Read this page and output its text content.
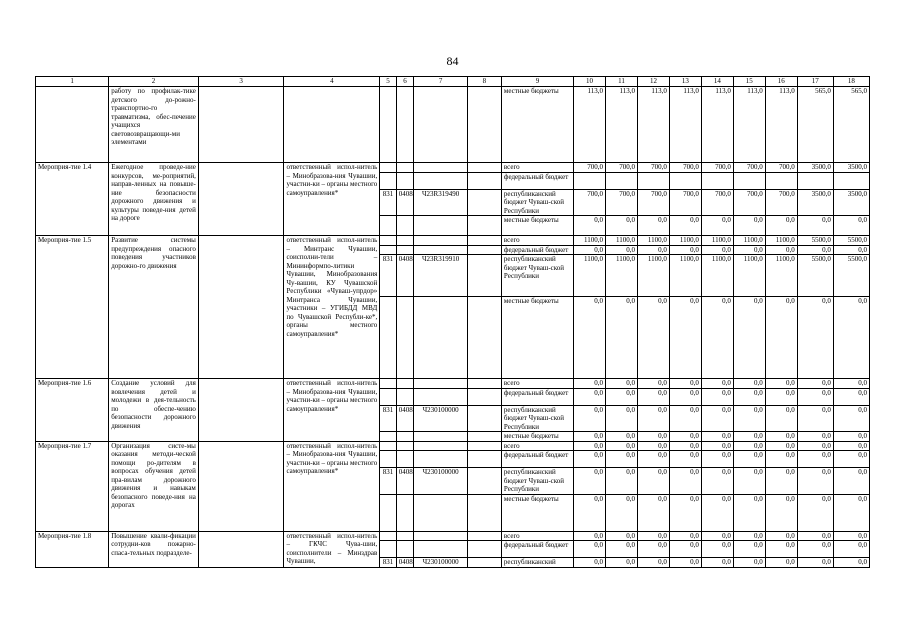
84
1	2	3	4	5	6	7	8	9	10	11	12	13	14	15	16	17	18
	работу по профилак-тике детского до-рожно-транспортно-го травматизма, обес-печение учащихся световозвращающи-ми элементами							местные бюджеты	113,0	113,0	113,0	113,0	113,0	113,0	113,0	565,0	565,0
Мероприя-тие 1.4	Ежегодное проведе-ние конкурсов, ме-роприятий, направ-ленных на повыше-ние безопасности дорожного движения и культуры поведе-ния детей на дороге		ответственный испол-нитель – Минобразова-ния Чувашии, участни-ки – органы местного самоуправления*					всего	700,0	700,0	700,0	700,0	700,0	700,0	700,0	3500,0	3500,0
								федеральный бюджет									
				831	0408	Ч23R319490		республиканский бюджет Чуваш-ской Республики	700,0	700,0	700,0	700,0	700,0	700,0	700,0	3500,0	3500,0
								местные бюджеты	0,0	0,0	0,0	0,0	0,0	0,0	0,0	0,0	0,0
Мероприя-тие 1.5	Развитие системы предупреждения опасного поведения участников дорожно-го движения		ответственный испол-нитель – Минтранс Чувашии, соисполни-тели – Мининформпо-литики Чувашии, Минобразования Чу-вашии, КУ Чувашской Республики «Чуваш-упрдор» Минтранса Чувашии, участники – УГИБДД МВД по Чувашской Республи-ке*, органы местного самоуправления*					всего	1100,0	1100,0	1100,0	1100,0	1100,0	1100,0	1100,0	5500,0	5500,0
								федеральный бюджет	0,0	0,0	0,0	0,0	0,0	0,0	0,0	0,0	0,0
				831	0408	Ч23R319910		республиканский бюджет Чуваш-ской Республики	1100,0	1100,0	1100,0	1100,0	1100,0	1100,0	1100,0	5500,0	5500,0
								местные бюджеты	0,0	0,0	0,0	0,0	0,0	0,0	0,0	0,0	0,0
Мероприя-тие 1.6	Создание условий для вовлечения детей и молодежи в дея-тельность по обеспе-чению безопасности дорожного движения		ответственный испол-нитель – Минобразова-ния Чувашии, участни-ки – органы местного самоуправления*					всего	0,0	0,0	0,0	0,0	0,0	0,0	0,0	0,0	0,0
								федеральный бюджет	0,0	0,0	0,0	0,0	0,0	0,0	0,0	0,0	0,0
				831	0408	Ч230100000		республиканский бюджет Чуваш-ской Республики	0,0	0,0	0,0	0,0	0,0	0,0	0,0	0,0	0,0
								местные бюджеты	0,0	0,0	0,0	0,0	0,0	0,0	0,0	0,0	0,0
Мероприя-тие 1.7	Организация систе-мы оказания методи-ческой помощи ро-дителям в вопросах обучения детей пра-вилам дорожного движения и навыкам безопасного поведе-ния на дорогах		ответственный испол-нитель – Минобразова-ния Чувашии, участни-ки – органы местного самоуправления*					всего	0,0	0,0	0,0	0,0	0,0	0,0	0,0	0,0	0,0
								федеральный бюджет	0,0	0,0	0,0	0,0	0,0	0,0	0,0	0,0	0,0
				831	0408	Ч230100000		республиканский бюджет Чуваш-ской Республики	0,0	0,0	0,0	0,0	0,0	0,0	0,0	0,0	0,0
								местные бюджеты	0,0	0,0	0,0	0,0	0,0	0,0	0,0	0,0	0,0
Мероприя-тие 1.8	Повышение квали-фикации сотрудни-ков пожарно-спаса-тельных подразделе-		ответственный испол-нитель – ГКЧС Чува-шии, соисполнители – Минздрав Чувашии,					всего	0,0	0,0	0,0	0,0	0,0	0,0	0,0	0,0	0,0
								федеральный бюджет	0,0	0,0	0,0	0,0	0,0	0,0	0,0	0,0	0,0
				831	0408	Ч230100000		республиканский	0,0	0,0	0,0	0,0	0,0	0,0	0,0	0,0	0,0
